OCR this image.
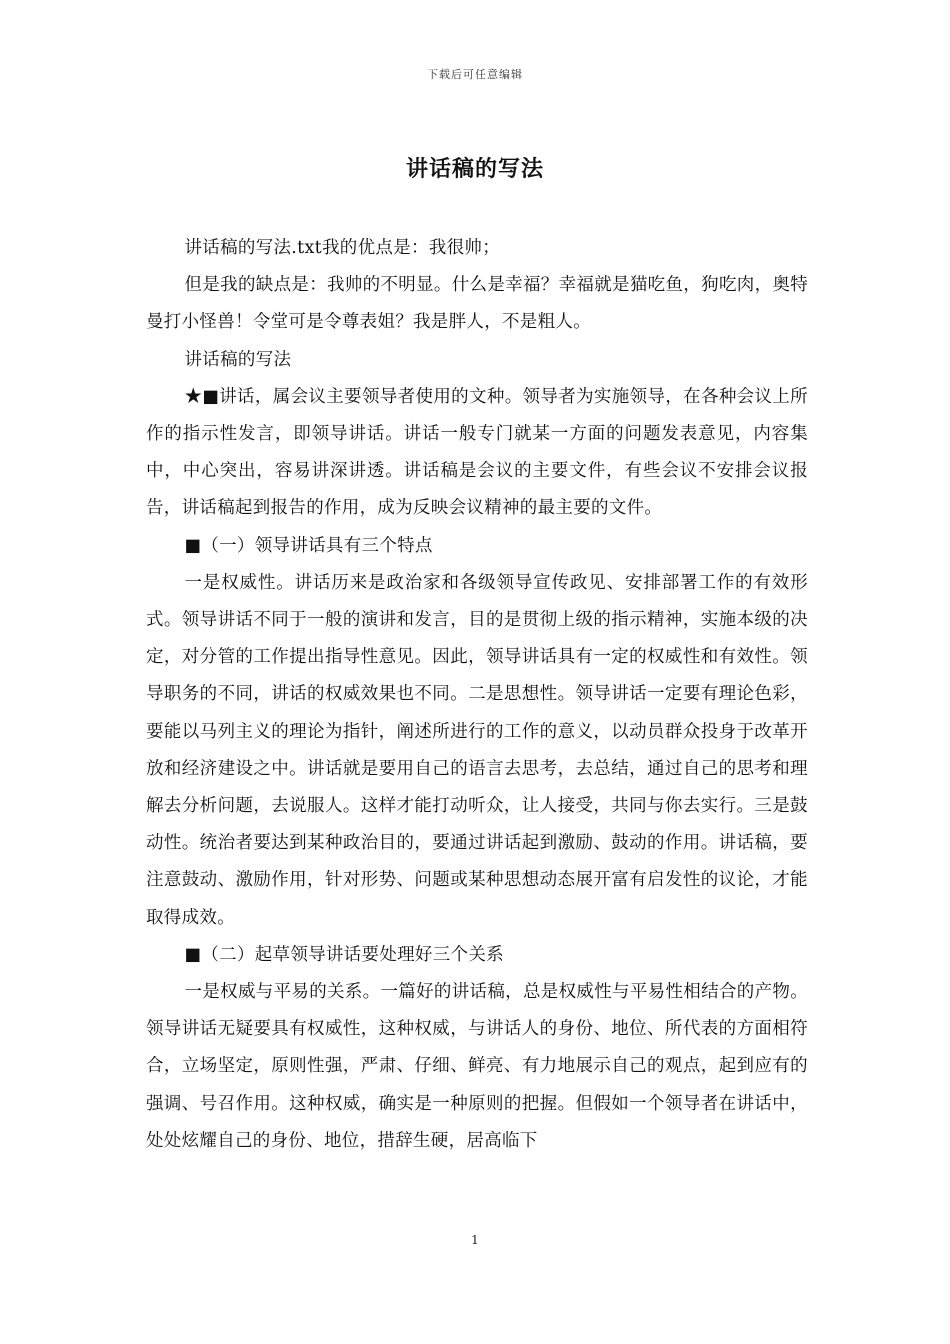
下载后可任意编辑
讲话稿的写法

讲话稿的写法.txt我的优点是：我很帅；

但是我的缺点是：我帅的不明显。什么是幸福？幸福就是猫吃鱼，狗吃肉，奥特曼打小怪兽！令堂可是令尊表姐？我是胖人，不是粗人。

讲话稿的写法

★■讲话，属会议主要领导者使用的文种。领导者为实施领导，在各种会议上所作的指示性发言，即领导讲话。讲话一般专门就某一方面的问题发表意见，内容集中，中心突出，容易讲深讲透。讲话稿是会议的主要文件，有些会议不安排会议报告，讲话稿起到报告的作用，成为反映会议精神的最主要的文件。

■（一）领导讲话具有三个特点

一是权威性。讲话历来是政治家和各级领导宣传政见、安排部署工作的有效形式。领导讲话不同于一般的演讲和发言，目的是贯彻上级的指示精神，实施本级的决定，对分管的工作提出指导性意见。因此，领导讲话具有一定的权威性和有效性。领导职务的不同，讲话的权威效果也不同。二是思想性。领导讲话一定要有理论色彩，要能以马列主义的理论为指针，阐述所进行的工作的意义，以动员群众投身于改革开放和经济建设之中。讲话就是要用自己的语言去思考，去总结，通过自己的思考和理解去分析问题，去说服人。这样才能打动听众，让人接受，共同与你去实行。三是鼓动性。统治者要达到某种政治目的，要通过讲话起到激励、鼓动的作用。讲话稿，要注意鼓动、激励作用，针对形势、问题或某种思想动态展开富有启发性的议论，才能取得成效。

■（二）起草领导讲话要处理好三个关系

一是权威与平易的关系。一篇好的讲话稿，总是权威性与平易性相结合的产物。领导讲话无疑要具有权威性，这种权威，与讲话人的身份、地位、所代表的方面相符合，立场坚定，原则性强，严肃、仔细、鲜亮、有力地展示自己的观点，起到应有的强调、号召作用。这种权威，确实是一种原则的把握。但假如一个领导者在讲话中，处处炫耀自己的身份、地位，措辞生硬，居高临下

1
